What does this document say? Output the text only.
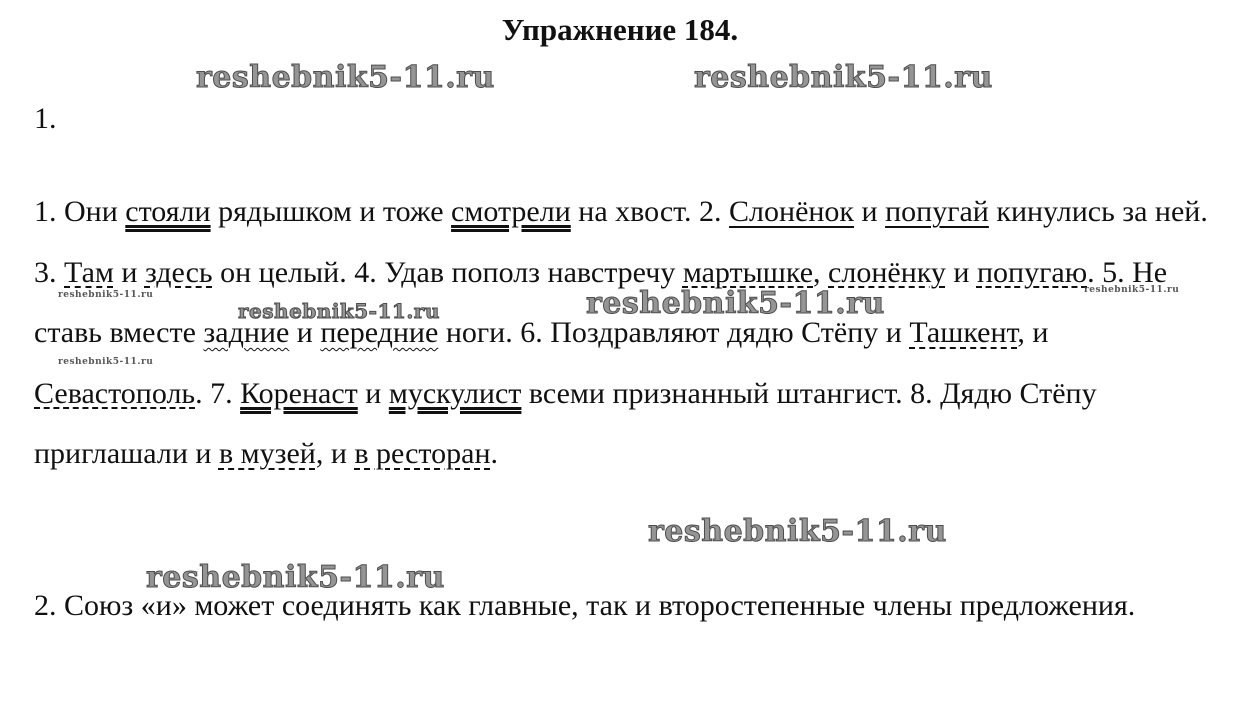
Упражнение 184.
1.
1. Они стояли рядышком и тоже смотрели на хвост. 2. Слонёнок и попугай кинулись за ней. 3. Там и здесь он целый. 4. Удав пополз навстречу мартышке, слонёнку и попугаю. 5. Не ставь вместе задние и передние ноги. 6. Поздравляют дядю Стёпу и Ташкент, и Севастополь. 7. Коренаст и мускулист всеми признанный штангист. 8. Дядю Стёпу приглашали и в музей, и в ресторан.
2. Союз «и» может соединять как главные, так и второстепенные члены предложения.
reshebnik5-11.ru	reshebnik5-11.ru
reshebnik5-11.ru
reshebnik5-11.ru	reshebnik5-11.ru	reshebnik5-11.ru
reshebnik5-11.ru
reshebnik5-11.ru
reshebnik5-11.ru
